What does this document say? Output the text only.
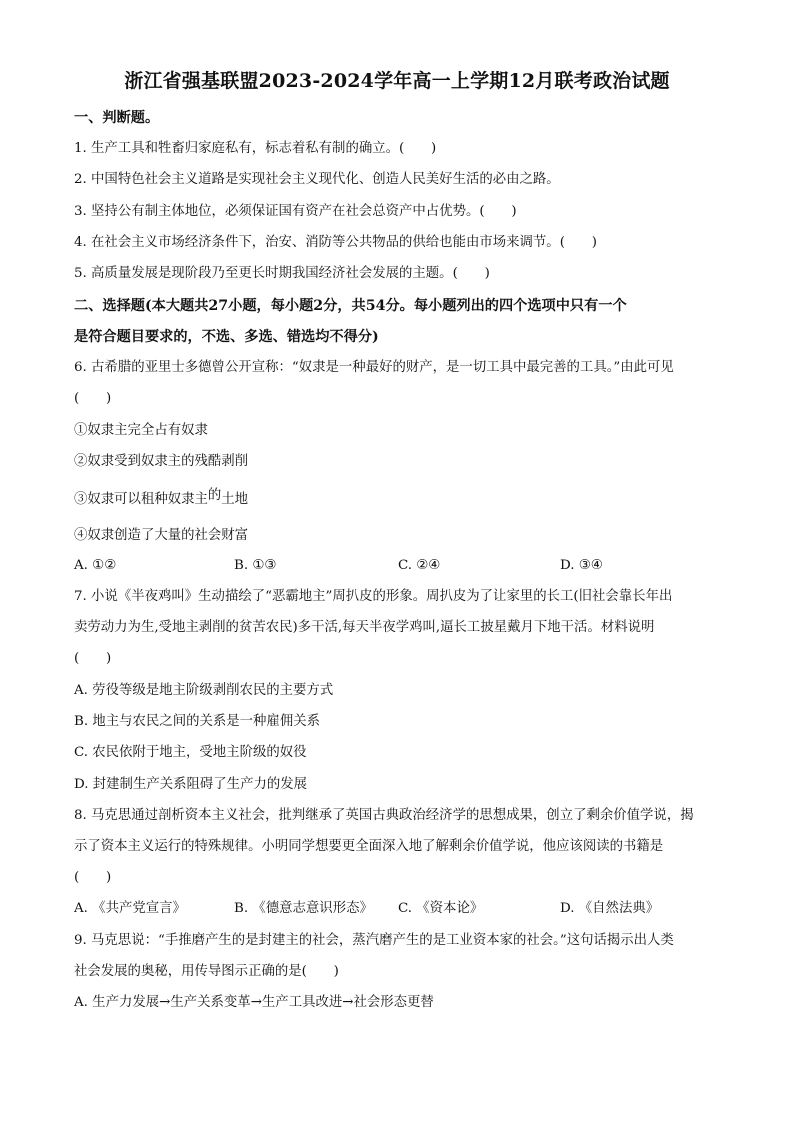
浙江省强基联盟2023-2024学年高一上学期12月联考政治试题
一、判断题。
1. 生产工具和牲畜归家庭私有，标志着私有制的确立。(　　)
2. 中国特色社会主义道路是实现社会主义现代化、创造人民美好生活的必由之路。
3. 坚持公有制主体地位，必须保证国有资产在社会总资产中占优势。(　　)
4. 在社会主义市场经济条件下，治安、消防等公共物品的供给也能由市场来调节。(　　)
5. 高质量发展是现阶段乃至更长时期我国经济社会发展的主题。(　　)
二、选择题(本大题共27小题，每小题2分，共54分。每小题列出的四个选项中只有一个
是符合题目要求的，不选、多选、错选均不得分)
6. 古希腊的亚里士多德曾公开宣称：“奴隶是一种最好的财产，是一切工具中最完善的工具。”由此可见
(　　)
①奴隶主完全占有奴隶
②奴隶受到奴隶主的残酷剥削
③奴隶可以租种奴隶主的土地
④奴隶创造了大量的社会财富
A. ①②	B. ①③	C. ②④	D. ③④
7. 小说《半夜鸡叫》生动描绘了“恶霸地主”周扒皮的形象。周扒皮为了让家里的长工(旧社会靠长年出
卖劳动力为生,受地主剥削的贫苦农民)多干活,每天半夜学鸡叫,逼长工披星戴月下地干活。材料说明
(　　)
A. 劳役等级是地主阶级剥削农民的主要方式
B. 地主与农民之间的关系是一种雇佣关系
C. 农民依附于地主，受地主阶级的奴役
D. 封建制生产关系阻碍了生产力的发展
8. 马克思通过剖析资本主义社会，批判继承了英国古典政治经济学的思想成果，创立了剩余价值学说，揭
示了资本主义运行的特殊规律。小明同学想要更全面深入地了解剩余价值学说，他应该阅读的书籍是
(　　)
A. 《共产党宣言》	B. 《德意志意识形态》 C. 《资本论》	D. 《自然法典》
9. 马克思说：“手推磨产生的是封建主的社会，蒸汽磨产生的是工业资本家的社会。”这句话揭示出人类
社会发展的奥秘，用传导图示正确的是(　　)
A. 生产力发展→生产关系变革→生产工具改进→社会形态更替
